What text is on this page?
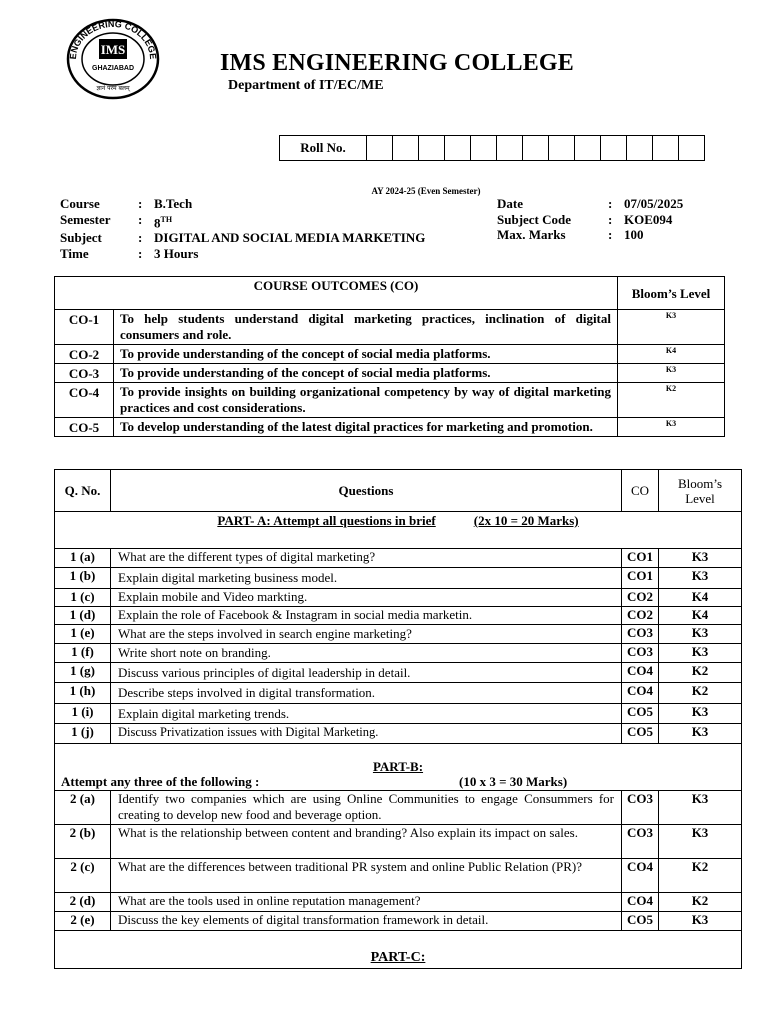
ENGINEERING COLLEGE
IMS
GHAZIABAD
ज्ञानं परमं बलम्
IMS ENGINEERING COLLEGE
Department of IT/EC/ME
Roll No.
AY 2024-25 (Even Semester)
Course	:	B.Tech
Semester	:	8TH
Subject	:	DIGITAL AND SOCIAL MEDIA MARKETING
Time	:	3 Hours
Date	:	07/05/2025
Subject Code	:	KOE094
Max. Marks	:	100
COURSE OUTCOMES (CO)		Bloom’s Level
CO-1	To help students understand digital marketing practices, inclination of digital consumers and role.	K3
CO-2	To provide understanding of the concept of social media platforms.	K4
CO-3	To provide understanding of the concept of social media platforms.	K3
CO-4	To provide insights on building organizational competency by way of digital marketing practices and cost considerations.	K2
CO-5	To develop understanding of the latest digital practices for marketing and promotion.	K3
Q. No.	Questions	CO	Bloom’s Level
PART- A: Attempt all questions in brief (2x 10 = 20 Marks)			
1 (a)	What are the different types of digital marketing?	CO1	K3
1 (b)	Explain digital marketing business model.	CO1	K3
1 (c)	Explain mobile and Video markting.	CO2	K4
1 (d)	Explain the role of Facebook & Instagram in social media marketin.	CO2	K4
1 (e)	What are the steps involved in search engine marketing?	CO3	K3
1 (f)	Write short note on branding.	CO3	K3
1 (g)	Discuss various principles of digital leadership in detail.	CO4	K2
1 (h)	Describe steps involved in digital transformation.	CO4	K2
1 (i)	Explain digital marketing trends.	CO5	K3
1 (j)	Discuss Privatization issues with Digital Marketing.	CO5	K3

PART-B:
Attempt any three of the following : (10 x 3 = 30 Marks)			

2 (a)	Identify two companies which are using Online Communities to engage Consummers for creating to develop new food and beverage option.	CO3	K3
2 (b)	What is the relationship between content and branding? Also explain its impact on sales.	CO3	K3
2 (c)	What are the differences between traditional PR system and online Public Relation (PR)?	CO4	K2
2 (d)	What are the tools used in online reputation management?	CO4	K2
2 (e)	Discuss the key elements of digital transformation framework in detail.	CO5	K3
PART-C:			
